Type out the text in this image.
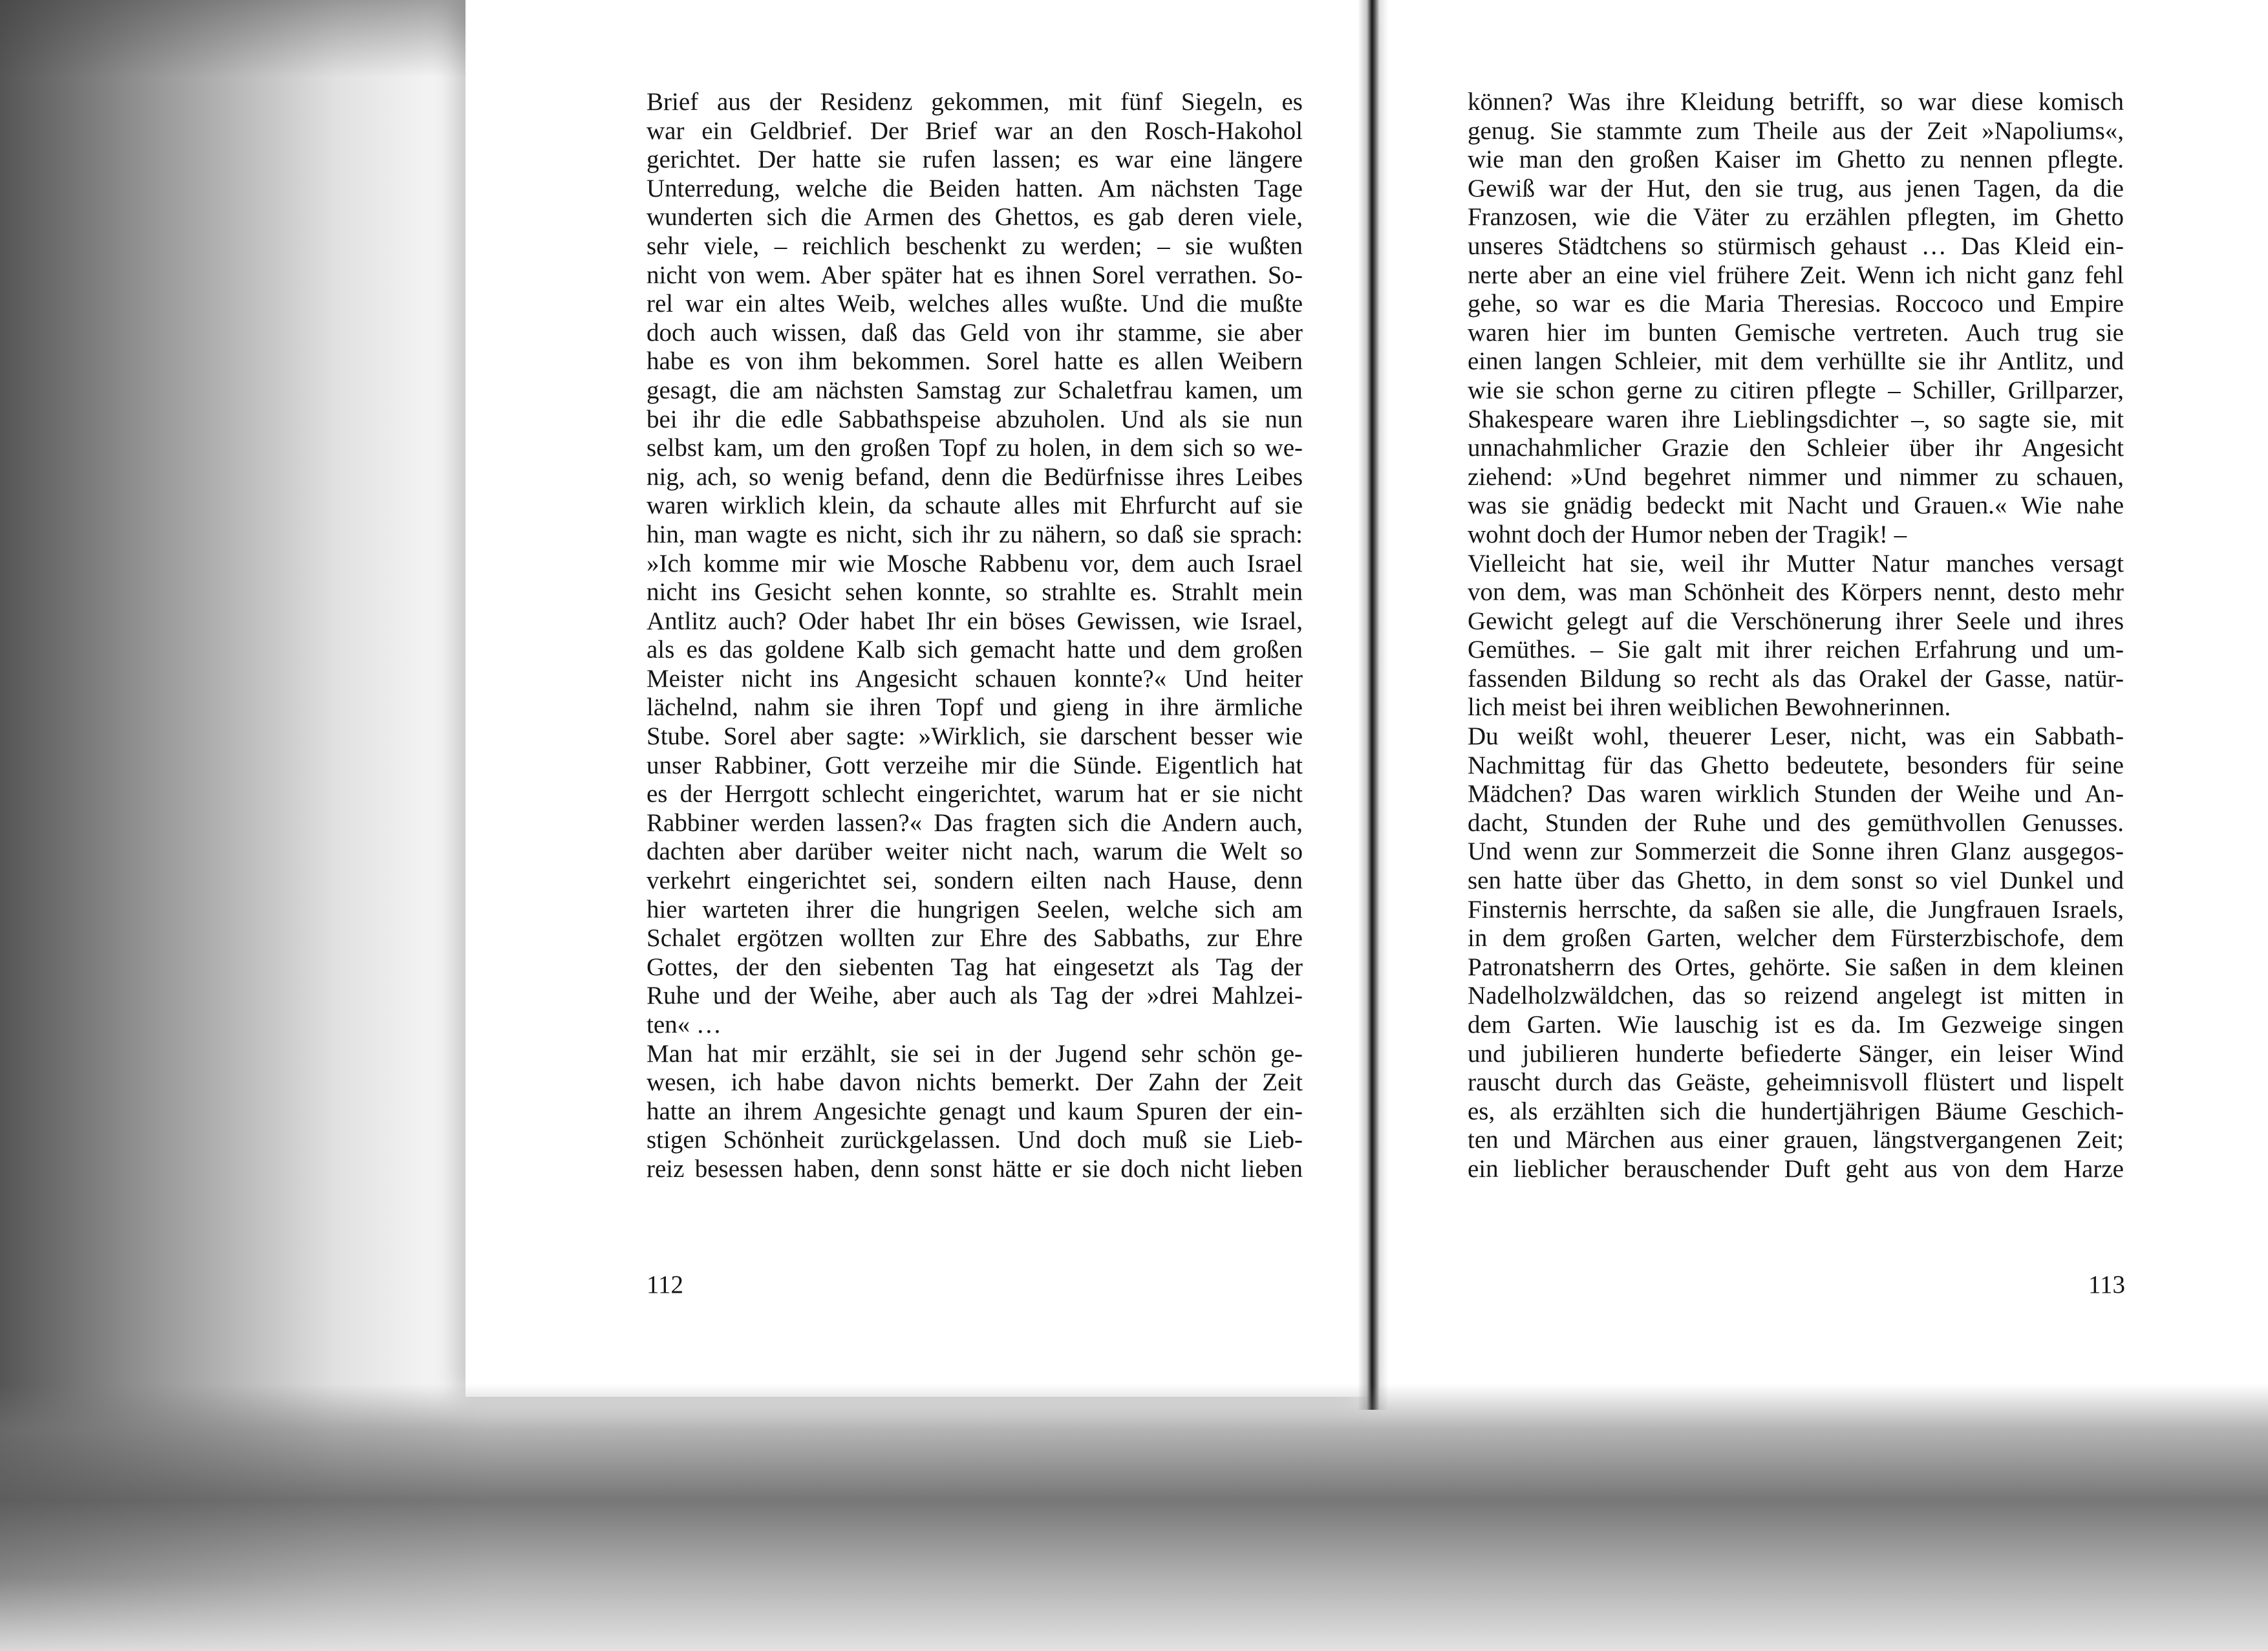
Brief aus der Residenz gekommen, mit fünf Siegeln, es
war ein Geldbrief. Der Brief war an den Rosch-Hakohol
gerichtet. Der hatte sie rufen lassen; es war eine längere
Unterredung, welche die Beiden hatten. Am nächsten Tage
wunderten sich die Armen des Ghettos, es gab deren viele,
sehr viele, – reichlich beschenkt zu werden; – sie wußten
nicht von wem. Aber später hat es ihnen Sorel verrathen. So-
rel war ein altes Weib, welches alles wußte. Und die mußte
doch auch wissen, daß das Geld von ihr stamme, sie aber
habe es von ihm bekommen. Sorel hatte es allen Weibern
gesagt, die am nächsten Samstag zur Schaletfrau kamen, um
bei ihr die edle Sabbathspeise abzuholen. Und als sie nun
selbst kam, um den großen Topf zu holen, in dem sich so we-
nig, ach, so wenig befand, denn die Bedürfnisse ihres Leibes
waren wirklich klein, da schaute alles mit Ehrfurcht auf sie
hin, man wagte es nicht, sich ihr zu nähern, so daß sie sprach:
»Ich komme mir wie Mosche Rabbenu vor, dem auch Israel
nicht ins Gesicht sehen konnte, so strahlte es. Strahlt mein
Antlitz auch? Oder habet Ihr ein böses Gewissen, wie Israel,
als es das goldene Kalb sich gemacht hatte und dem großen
Meister nicht ins Angesicht schauen konnte?« Und heiter
lächelnd, nahm sie ihren Topf und gieng in ihre ärmliche
Stube. Sorel aber sagte: »Wirklich, sie darschent besser wie
unser Rabbiner, Gott verzeihe mir die Sünde. Eigentlich hat
es der Herrgott schlecht eingerichtet, warum hat er sie nicht
Rabbiner werden lassen?« Das fragten sich die Andern auch,
dachten aber darüber weiter nicht nach, warum die Welt so
verkehrt eingerichtet sei, sondern eilten nach Hause, denn
hier warteten ihrer die hungrigen Seelen, welche sich am
Schalet ergötzen wollten zur Ehre des Sabbaths, zur Ehre
Gottes, der den siebenten Tag hat eingesetzt als Tag der
Ruhe und der Weihe, aber auch als Tag der »drei Mahlzei-
ten« …
Man hat mir erzählt, sie sei in der Jugend sehr schön ge-
wesen, ich habe davon nichts bemerkt. Der Zahn der Zeit
hatte an ihrem Angesichte genagt und kaum Spuren der ein-
stigen Schönheit zurückgelassen. Und doch muß sie Lieb-
reiz besessen haben, denn sonst hätte er sie doch nicht lieben
können? Was ihre Kleidung betrifft, so war diese komisch
genug. Sie stammte zum Theile aus der Zeit »Napoliums«,
wie man den großen Kaiser im Ghetto zu nennen pflegte.
Gewiß war der Hut, den sie trug, aus jenen Tagen, da die
Franzosen, wie die Väter zu erzählen pflegten, im Ghetto
unseres Städtchens so stürmisch gehaust … Das Kleid ein-
nerte aber an eine viel frühere Zeit. Wenn ich nicht ganz fehl
gehe, so war es die Maria Theresias. Roccoco und Empire
waren hier im bunten Gemische vertreten. Auch trug sie
einen langen Schleier, mit dem verhüllte sie ihr Antlitz, und
wie sie schon gerne zu citiren pflegte – Schiller, Grillparzer,
Shakespeare waren ihre Lieblingsdichter –, so sagte sie, mit
unnachahmlicher Grazie den Schleier über ihr Angesicht
ziehend: »Und begehret nimmer und nimmer zu schauen,
was sie gnädig bedeckt mit Nacht und Grauen.« Wie nahe
wohnt doch der Humor neben der Tragik! –
Vielleicht hat sie, weil ihr Mutter Natur manches versagt
von dem, was man Schönheit des Körpers nennt, desto mehr
Gewicht gelegt auf die Verschönerung ihrer Seele und ihres
Gemüthes. – Sie galt mit ihrer reichen Erfahrung und um-
fassenden Bildung so recht als das Orakel der Gasse, natür-
lich meist bei ihren weiblichen Bewohnerinnen.
Du weißt wohl, theuerer Leser, nicht, was ein Sabbath-
Nachmittag für das Ghetto bedeutete, besonders für seine
Mädchen? Das waren wirklich Stunden der Weihe und An-
dacht, Stunden der Ruhe und des gemüthvollen Genusses.
Und wenn zur Sommerzeit die Sonne ihren Glanz ausgegos-
sen hatte über das Ghetto, in dem sonst so viel Dunkel und
Finsternis herrschte, da saßen sie alle, die Jungfrauen Israels,
in dem großen Garten, welcher dem Fürsterzbischofe, dem
Patronatsherrn des Ortes, gehörte. Sie saßen in dem kleinen
Nadelholzwäldchen, das so reizend angelegt ist mitten in
dem Garten. Wie lauschig ist es da. Im Gezweige singen
und jubilieren hunderte befiederte Sänger, ein leiser Wind
rauscht durch das Geäste, geheimnisvoll flüstert und lispelt
es, als erzählten sich die hundertjährigen Bäume Geschich-
ten und Märchen aus einer grauen, längstvergangenen Zeit;
ein lieblicher berauschender Duft geht aus von dem Harze
112	113
